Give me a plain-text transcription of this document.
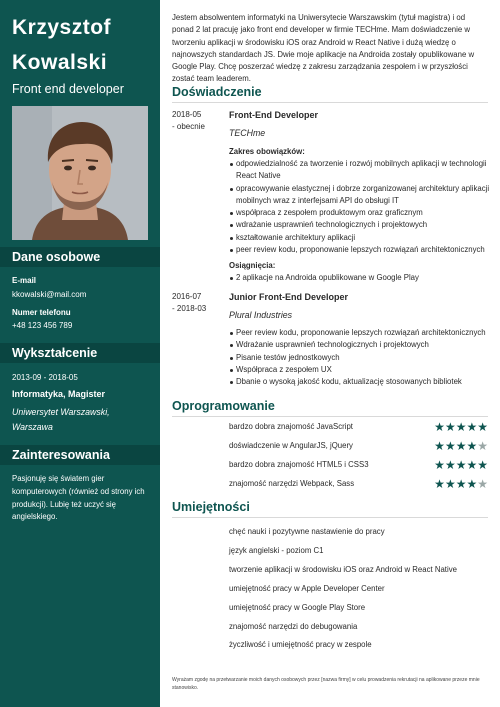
Krzysztof
Kowalski
Front end developer
Dane osobowe
E-mail
kkowalski@mail.com
Numer telefonu
+48 123 456 789
Wykształcenie
2013-09 - 2018-05
Informatyka, Magister
Uniwersytet Warszawski, Warszawa
Zainteresowania
Pasjonuję się światem gier komputerowych (również od strony ich produkcji). Lubię też uczyć się angielskiego.
Jestem absolwentem informatyki na Uniwersytecie Warszawskim (tytuł magistra) i od ponad 2 lat pracuję jako front end developer w firmie TECHme. Mam doświadczenie w tworzeniu aplikacji w środowisku iOS oraz Android w React Native i dużą wiedzę o najnowszych standardach JS. Dwie moje aplikacje na Androida zostały opublikowane w Google Play. Chcę poszerzać wiedzę z zakresu zarządzania zespołem i w przyszłości zostać team leaderem.
Doświadczenie
2018-05
- obecnie
Front-End Developer
TECHme
Zakres obowiązków:
odpowiedzialność za tworzenie i rozwój mobilnych aplikacji w technologii React Native
opracowywanie elastycznej i dobrze zorganizowanej architektury aplikacji mobilnych wraz z interfejsami API do obsługi IT
współpraca z zespołem produktowym oraz graficznym
wdrażanie usprawnień technologicznych i projektowych
kształtowanie architektury aplikacji
peer review kodu, proponowanie lepszych rozwiązań architektonicznych
Osiągnięcia:
2 aplikacje na Androida opublikowane w Google Play
2016-07
- 2018-03
Junior Front-End Developer
Plural Industries
Peer review kodu, proponowanie lepszych rozwiązań architektonicznych
Wdrażanie usprawnień technologicznych i projektowych
Pisanie testów jednostkowych
Współpraca z zespołem UX
Dbanie o wysoką jakość kodu, aktualizację stosowanych bibliotek
Oprogramowanie
bardzo dobra znajomość JavaScript	★★★★★
doświadczenie w AngularJS, jQuery	★★★★★
bardzo dobra znajomość HTML5 i CSS3	★★★★★
znajomość narzędzi Webpack, Sass	★★★★★
Umiejętności
chęć nauki i pozytywne nastawienie do pracy
język angielski - poziom C1
tworzenie aplikacji w środowisku iOS oraz Android w React Native
umiejętność pracy w Apple Developer Center
umiejętność pracy w Google Play Store
znajomość narzędzi do debugowania
życzliwość i umiejętność pracy w zespole
Wyrażam zgodę na przetwarzanie moich danych osobowych przez [nazwa firmy] w celu prowadzenia rekrutacji na aplikowane przeze mnie stanowisko.
